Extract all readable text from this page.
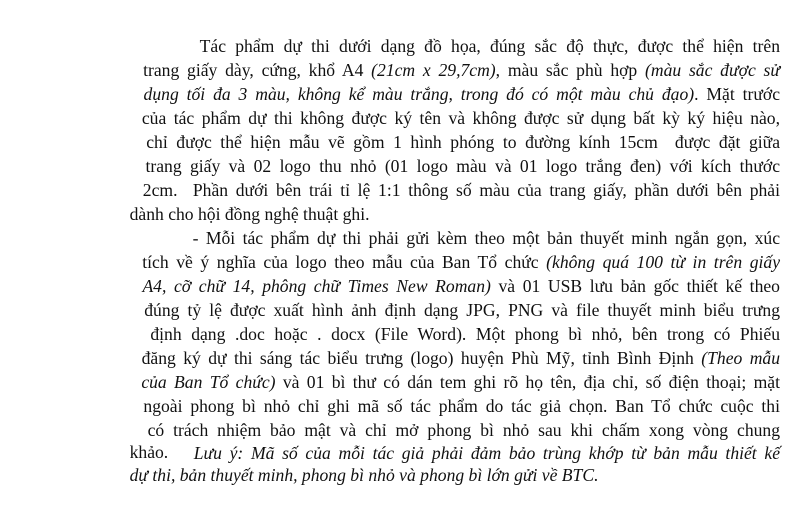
Tác phẩm dự thi dưới dạng đồ họa, đúng sắc độ thực, được thể hiện trên

trang giấy dày, cứng, khổ A4 (21cm x 29,7cm), màu sắc phù hợp (màu sắc được sử

dụng tối đa 3 màu, không kể màu trắng, trong đó có một màu chủ đạo). Mặt trước

của tác phẩm dự thi không được ký tên và không được sử dụng bất kỳ ký hiệu nào,

chỉ được thể hiện mẫu vẽ gồm 1 hình phóng to đường kính 15cm  được đặt giữa

trang giấy và 02 logo thu nhỏ (01 logo màu và 01 logo trắng đen) với kích thước

2cm.  Phần dưới bên trái tỉ lệ 1:1 thông số màu của trang giấy, phần dưới bên phải

dành cho hội đồng nghệ thuật ghi.

- Mỗi tác phẩm dự thi phải gửi kèm theo một bản thuyết minh ngắn gọn, xúc

tích về ý nghĩa của logo theo mẫu của Ban Tổ chức (không quá 100 từ in trên giấy

A4, cỡ chữ 14, phông chữ Times New Roman) và 01 USB lưu bản gốc thiết kế theo

đúng tỷ lệ được xuất hình ảnh định dạng JPG, PNG và file thuyết minh biểu trưng

định dạng .doc hoặc . docx (File Word). Một phong bì nhỏ, bên trong có Phiếu

đăng ký dự thi sáng tác biểu trưng (logo) huyện Phù Mỹ, tỉnh Bình Định (Theo mẫu

của Ban Tổ chức) và 01 bì thư có dán tem ghi rõ họ tên, địa chỉ, số điện thoại; mặt

ngoài phong bì nhỏ chỉ ghi mã số tác phẩm do tác giả chọn. Ban Tổ chức cuộc thi

có trách nhiệm bảo mật và chỉ mở phong bì nhỏ sau khi chấm xong vòng chung

khảo.
	Lưu ý: Mã số của mỗi tác giả phải đảm bảo trùng khớp từ bản mẫu thiết kế

dự thi, bản thuyết minh, phong bì nhỏ và phong bì lớn gửi về BTC.
